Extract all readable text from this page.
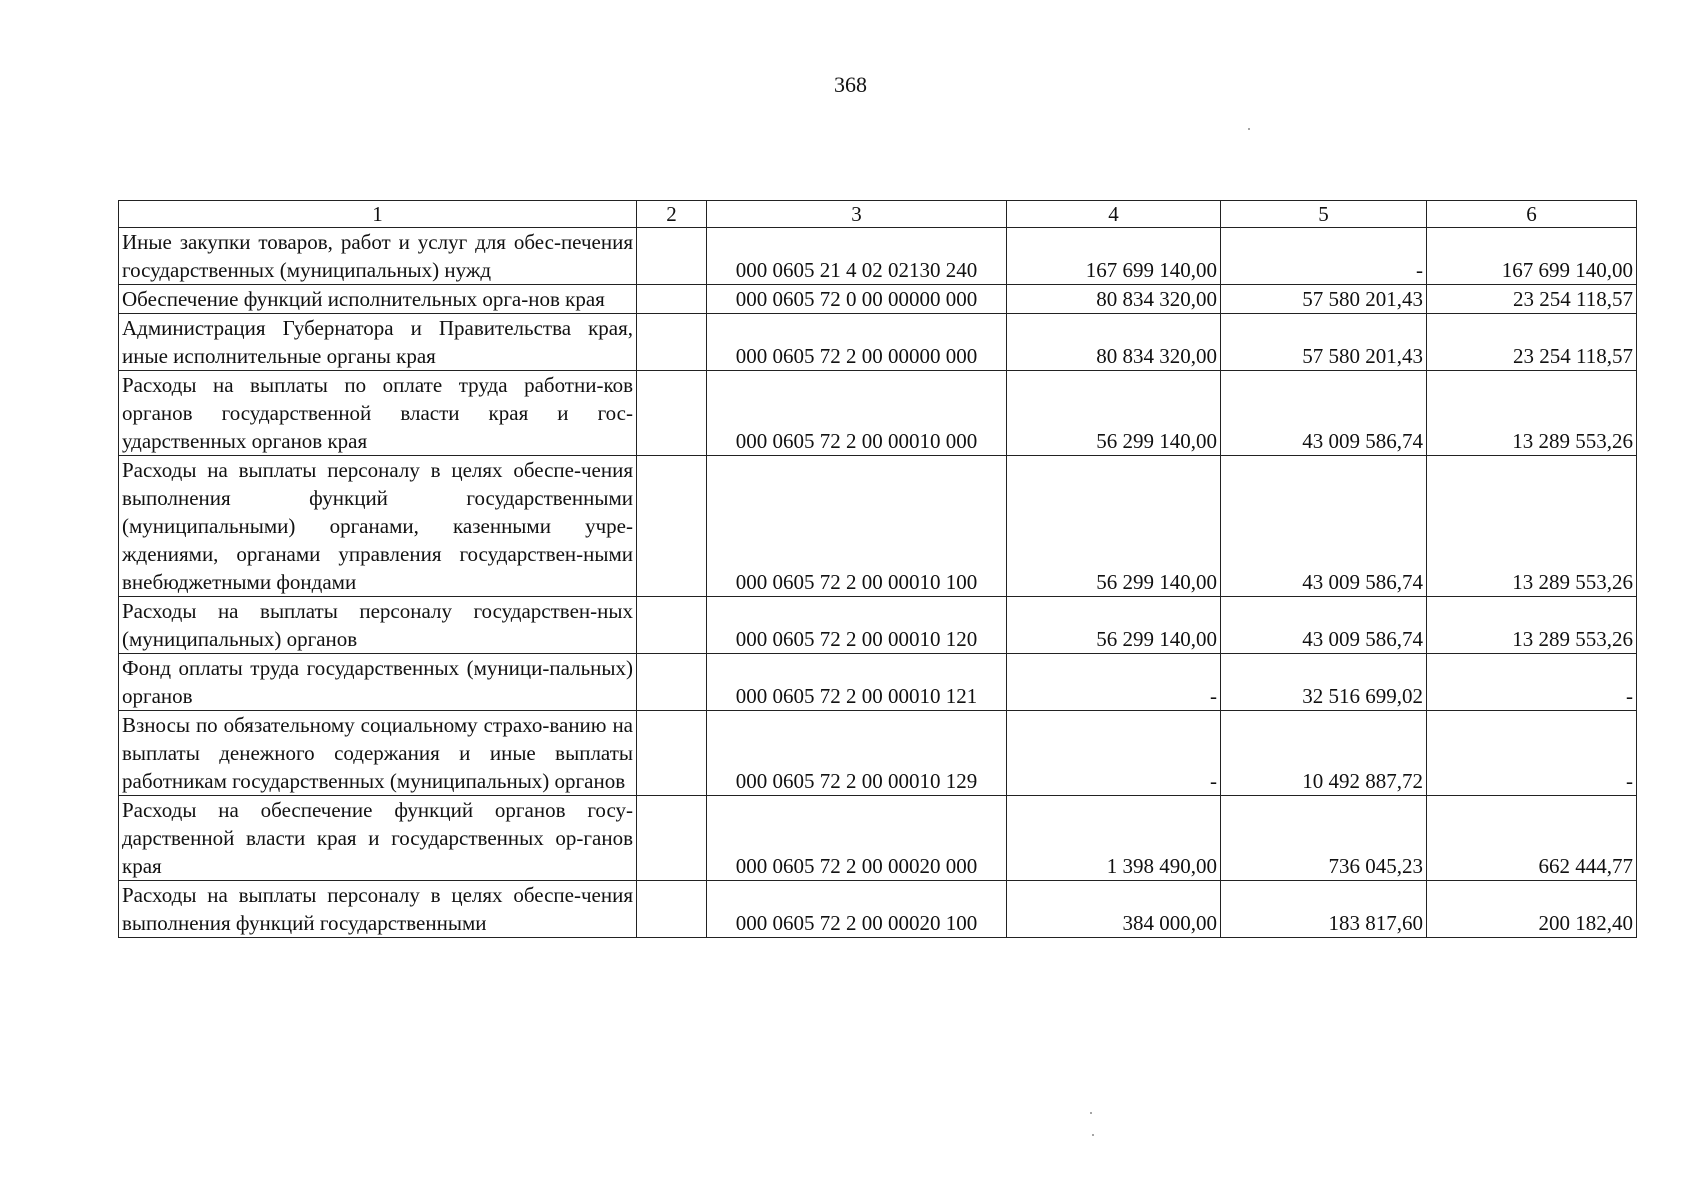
368
1	2	3	4	5	6
Иные закупки товаров, работ и услуг для обес-печения государственных (муниципальных) нужд		000 0605 21 4 02 02130 240	167 699 140,00	-	167 699 140,00
Обеспечение функций исполнительных орга-нов края		000 0605 72 0 00 00000 000	80 834 320,00	57 580 201,43	23 254 118,57
Администрация Губернатора и Правительства края, иные исполнительные органы края		000 0605 72 2 00 00000 000	80 834 320,00	57 580 201,43	23 254 118,57
Расходы на выплаты по оплате труда работни-ков органов государственной власти края и гос-ударственных органов края		000 0605 72 2 00 00010 000	56 299 140,00	43 009 586,74	13 289 553,26
Расходы на выплаты персоналу в целях обеспе-чения выполнения функций государственными (муниципальными) органами, казенными учре-ждениями, органами управления государствен-ными внебюджетными фондами		000 0605 72 2 00 00010 100	56 299 140,00	43 009 586,74	13 289 553,26
Расходы на выплаты персоналу государствен-ных (муниципальных) органов		000 0605 72 2 00 00010 120	56 299 140,00	43 009 586,74	13 289 553,26
Фонд оплаты труда государственных (муници-пальных) органов		000 0605 72 2 00 00010 121	-	32 516 699,02	-
Взносы по обязательному социальному страхо-ванию на выплаты денежного содержания и иные выплаты работникам государственных (муниципальных) органов		000 0605 72 2 00 00010 129	-	10 492 887,72	-
Расходы на обеспечение функций органов госу-дарственной власти края и государственных ор-ганов края		000 0605 72 2 00 00020 000	1 398 490,00	736 045,23	662 444,77
Расходы на выплаты персоналу в целях обеспе-чения выполнения функций государственными		000 0605 72 2 00 00020 100	384 000,00	183 817,60	200 182,40
